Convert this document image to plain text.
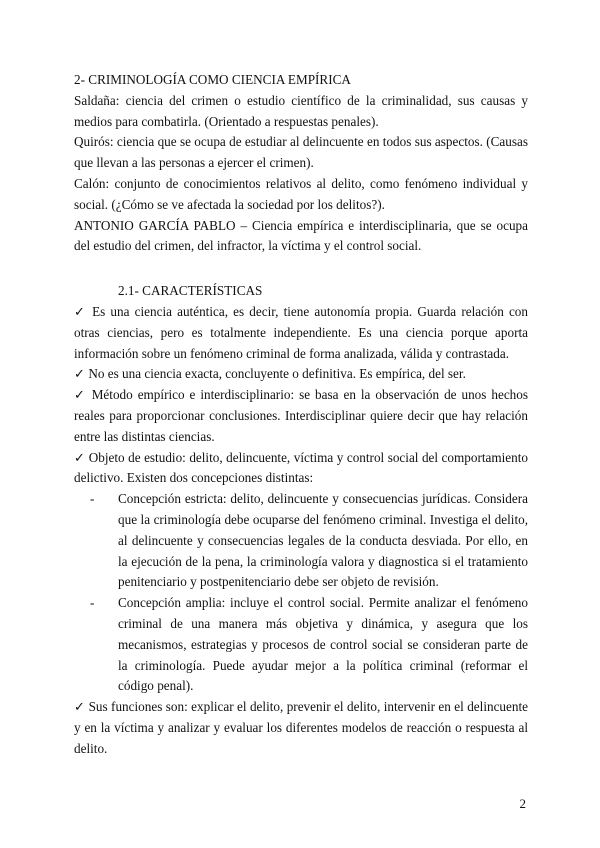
2- CRIMINOLOGÍA COMO CIENCIA EMPÍRICA
Saldaña: ciencia del crimen o estudio científico de la criminalidad, sus causas y medios para combatirla. (Orientado a respuestas penales).
Quirós: ciencia que se ocupa de estudiar al delincuente en todos sus aspectos. (Causas que llevan a las personas a ejercer el crimen).
Calón: conjunto de conocimientos relativos al delito, como fenómeno individual y social. (¿Cómo se ve afectada la sociedad por los delitos?).
ANTONIO GARCÍA PABLO – Ciencia empírica e interdisciplinaria, que se ocupa del estudio del crimen, del infractor, la víctima y el control social.
2.1- CARACTERÍSTICAS
✓ Es una ciencia auténtica, es decir, tiene autonomía propia. Guarda relación con otras ciencias, pero es totalmente independiente. Es una ciencia porque aporta información sobre un fenómeno criminal de forma analizada, válida y contrastada.
✓ No es una ciencia exacta, concluyente o definitiva. Es empírica, del ser.
✓ Método empírico e interdisciplinario: se basa en la observación de unos hechos reales para proporcionar conclusiones. Interdisciplinar quiere decir que hay relación entre las distintas ciencias.
✓ Objeto de estudio: delito, delincuente, víctima y control social del comportamiento delictivo. Existen dos concepciones distintas:
- Concepción estricta: delito, delincuente y consecuencias jurídicas. Considera que la criminología debe ocuparse del fenómeno criminal. Investiga el delito, al delincuente y consecuencias legales de la conducta desviada. Por ello, en la ejecución de la pena, la criminología valora y diagnostica si el tratamiento penitenciario y postpenitenciario debe ser objeto de revisión.
- Concepción amplia: incluye el control social. Permite analizar el fenómeno criminal de una manera más objetiva y dinámica, y asegura que los mecanismos, estrategias y procesos de control social se consideran parte de la criminología. Puede ayudar mejor a la política criminal (reformar el código penal).
✓ Sus funciones son: explicar el delito, prevenir el delito, intervenir en el delincuente y en la víctima y analizar y evaluar los diferentes modelos de reacción o respuesta al delito.
2
